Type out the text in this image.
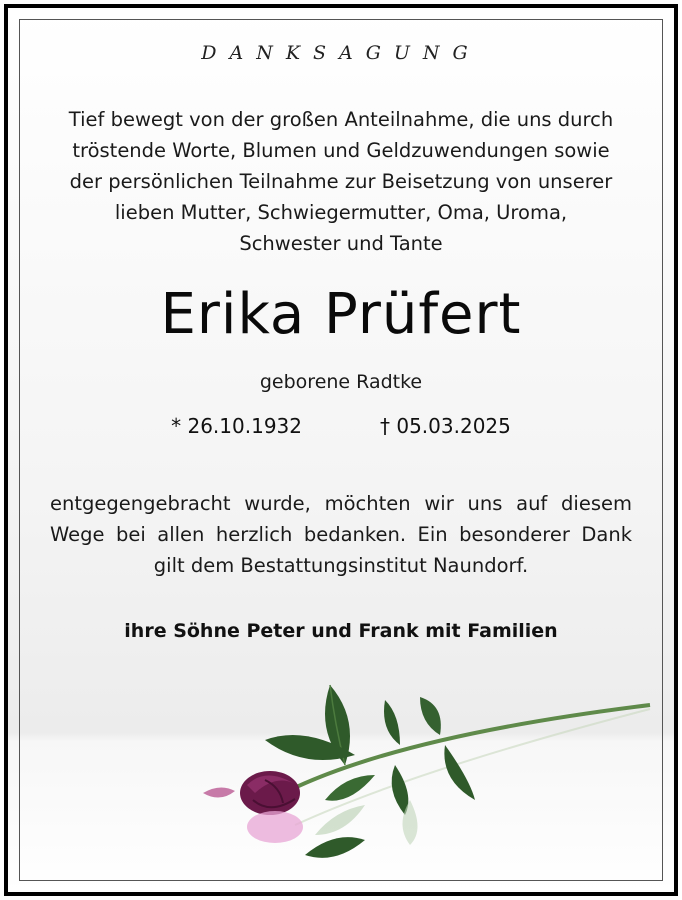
DANKSAGUNG
Tief bewegt von der großen Anteilnahme, die uns durch
tröstende Worte, Blumen und Geldzuwendungen sowie
der persönlichen Teilnahme zur Beisetzung von unserer
lieben Mutter, Schwiegermutter, Oma, Uroma,
Schwester und Tante
Erika Prüfert
geborene Radtke
* 26.10.1932	† 05.03.2025
entgegengebracht wurde, möchten wir uns auf diesem
Wege bei allen herzlich bedanken. Ein besonderer Dank
gilt dem Bestattungsinstitut Naundorf.
ihre Söhne Peter und Frank mit Familien
